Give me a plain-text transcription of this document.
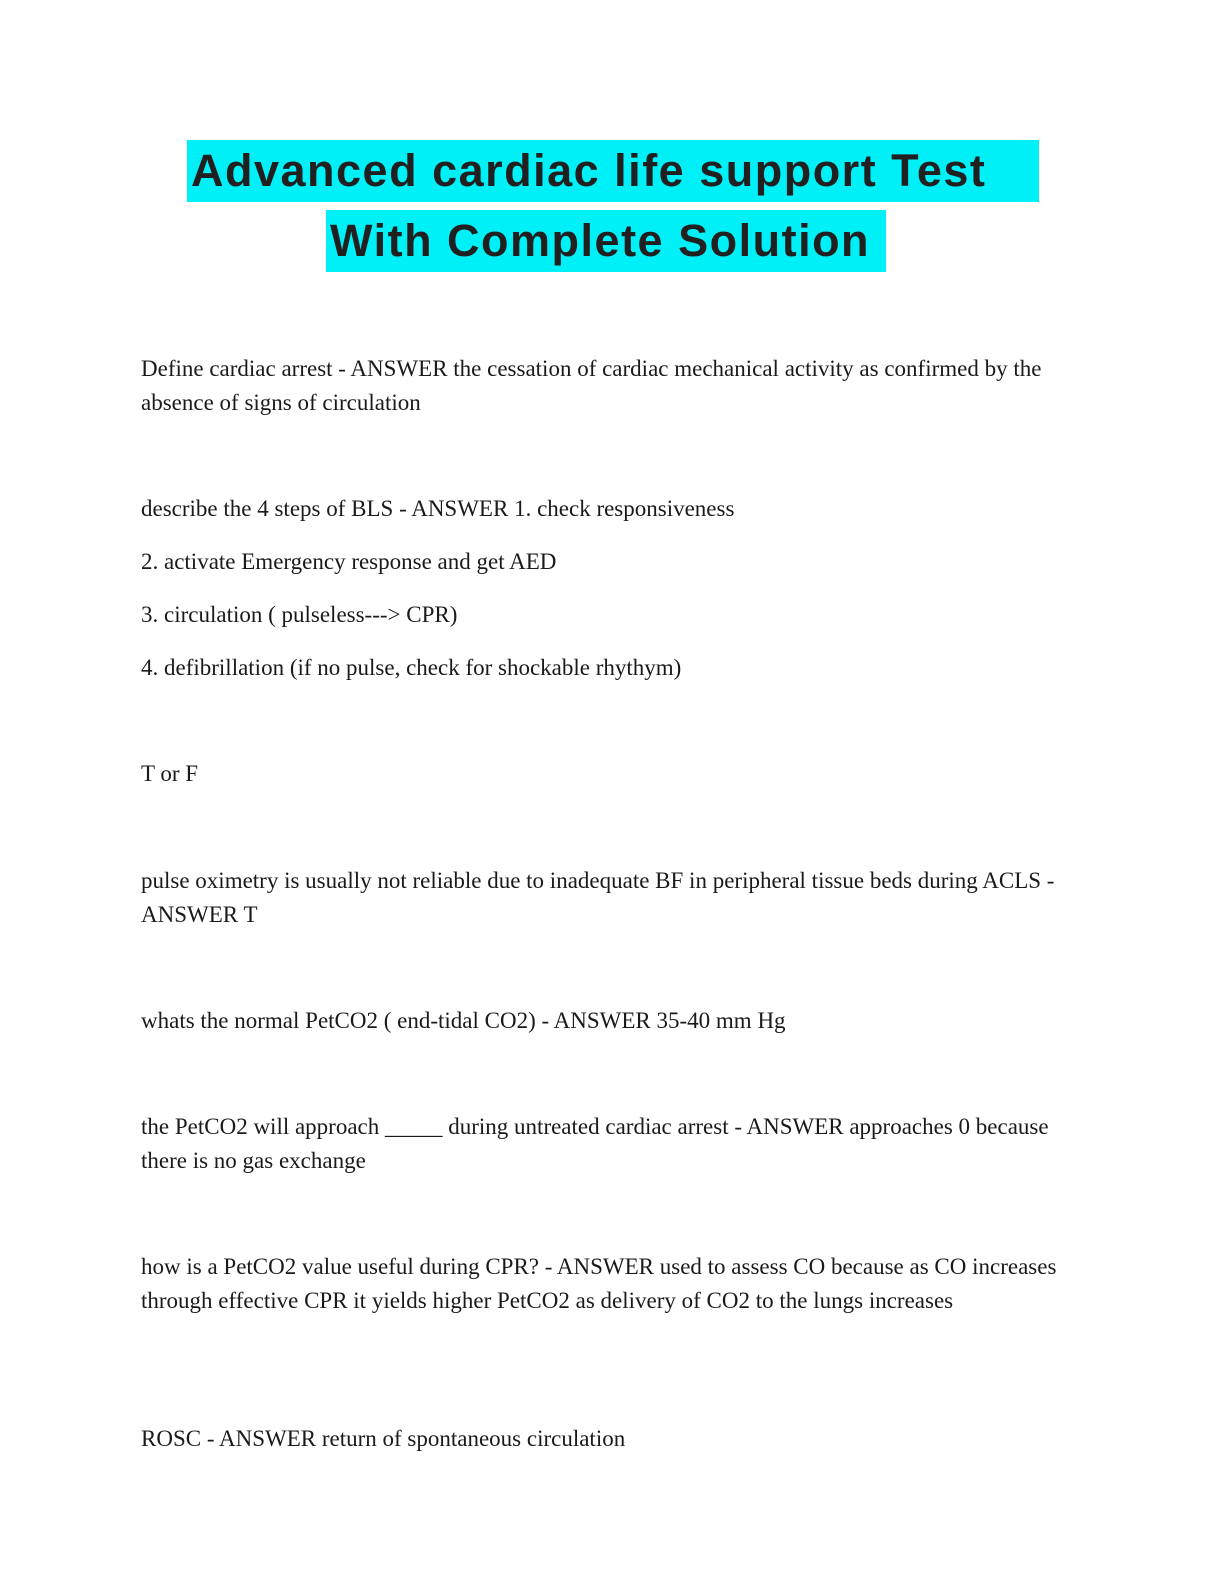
Advanced cardiac life support Test
With Complete Solution

Define cardiac arrest - ANSWER the cessation of cardiac mechanical activity as confirmed by the absence of signs of circulation

describe the 4 steps of BLS - ANSWER 1. check responsiveness

2. activate Emergency response and get AED

3. circulation ( pulseless---> CPR)

4. defibrillation (if no pulse, check for shockable rhythym)

T or F

pulse oximetry is usually not reliable due to inadequate BF in peripheral tissue beds during ACLS - ANSWER T

whats the normal PetCO2 ( end-tidal CO2) - ANSWER 35-40 mm Hg

the PetCO2 will approach _____ during untreated cardiac arrest - ANSWER approaches 0 because there is no gas exchange

how is a PetCO2 value useful during CPR? - ANSWER used to assess CO because as CO increases through effective CPR it yields higher PetCO2 as delivery of CO2 to the lungs increases

ROSC - ANSWER return of spontaneous circulation
